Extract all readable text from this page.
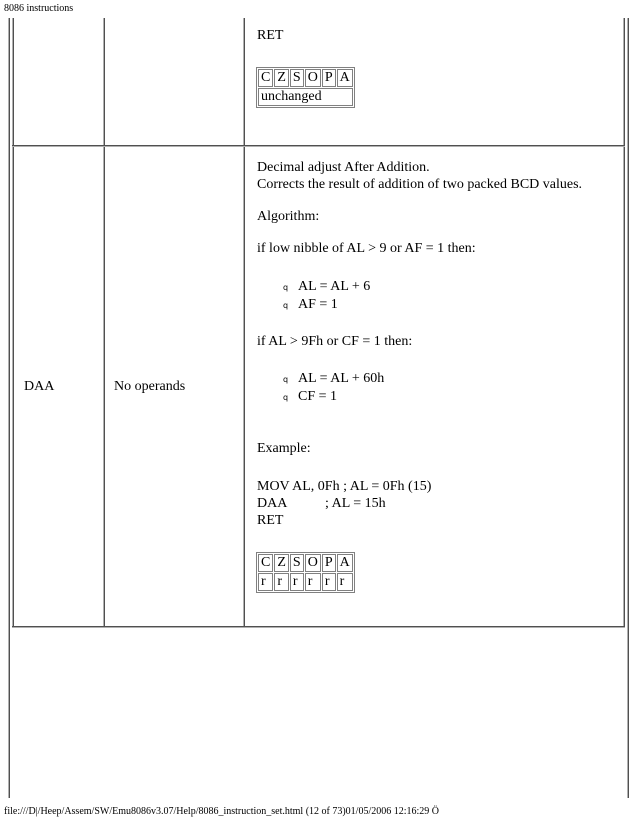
8086 instructions
RET
C	Z	S	O	P	A
unchanged
DAA	No operands
Decimal adjust After Addition.
Corrects the result of addition of two packed BCD values.
Algorithm:
if low nibble of AL > 9 or AF = 1 then:
q AL = AL + 6
q AF = 1
if AL > 9Fh or CF = 1 then:
q AL = AL + 60h
q CF = 1
Example:
MOV AL, 0Fh ; AL = 0Fh (15)
DAA	; AL = 15h
RET
C	Z	S	O	P	A
r	r	r	r	r	r
file:///D|/Heep/Assem/SW/Emu8086v3.07/Help/8086_instruction_set.html (12 of 73)01/05/2006 12:16:29 Ö
